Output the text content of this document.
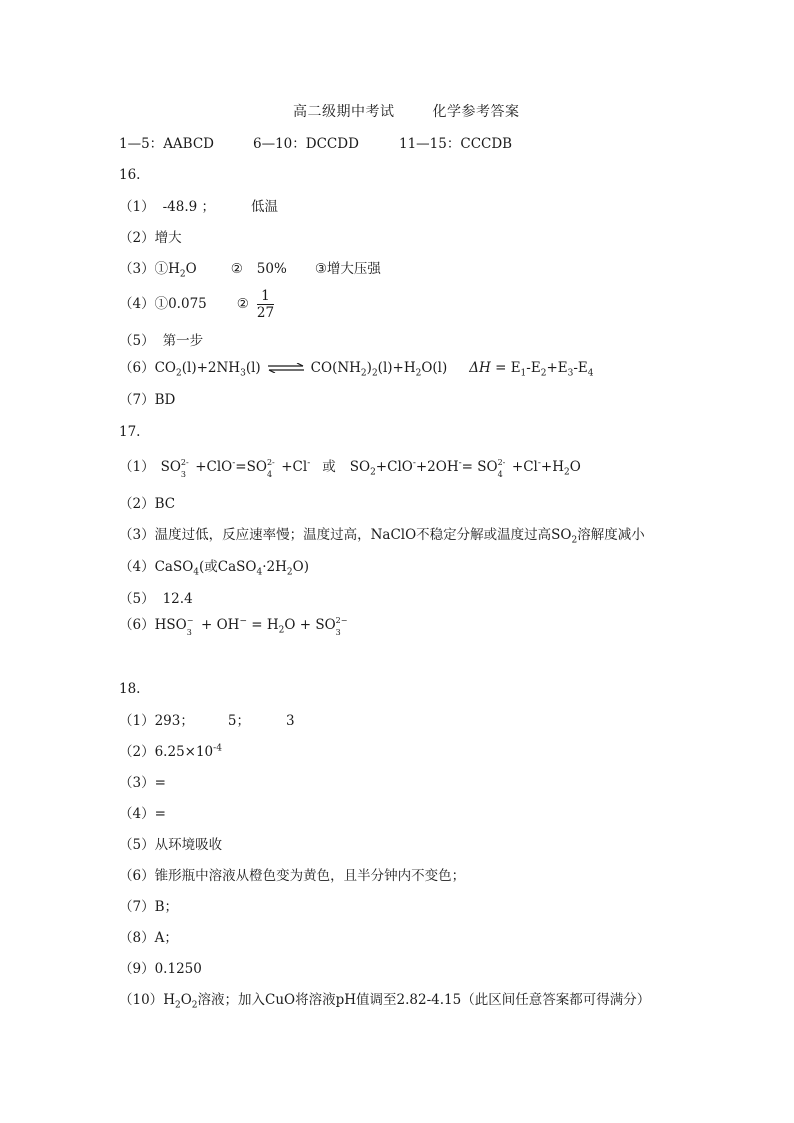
高二级期中考试	化学参考答案
1—5：AABCD	6—10：DCCDD	11—15：CCCDB
16.
（1） -48.9 ；	低温
（2）增大
$(3)①H_2O$	② 50% ③增大压强
（4）①0.075 ② $\frac{1}{27}$
（5） 第一步
$(6)CO_2(l)+2NH_3(l)$ ⇌ $CO(NH_2)_2(l)+H_2O(l) \Delta H = E_1-E_2+E_3-E_4$
（7）BD
17.
（1） SO 2-
3 +ClO-=SO 2-
4 +Cl- 或 $SO_2+ClO^-+2OH^-=$ SO 2-
$4 +Cl^-+H_2O$
（2）BC
（3）温度过低，反应速率慢；温度过高，NaClO不稳定分解或温度过高$SO_2$溶解度减小
（4）CaSO$_4$(或$CaSO_4\cdot 2H_2O$)
（5） 12.4
（6）HSO −
$3 + OH^- = H_2O$ + SO 2−
3
18.
（1）293；	5；	3
$(2)6.25\times 10^{-4}$
（3）=
（4）=
（5）从环境吸收
（6）锥形瓶中溶液从橙色变为黄色，且半分钟内不变色；
（7）B；
（8）A；
（9）0.1250
$(10)H_2O_2$溶液；加入CuO将溶液pH值调至2.82-4.15（此区间任意答案都可得满分）
